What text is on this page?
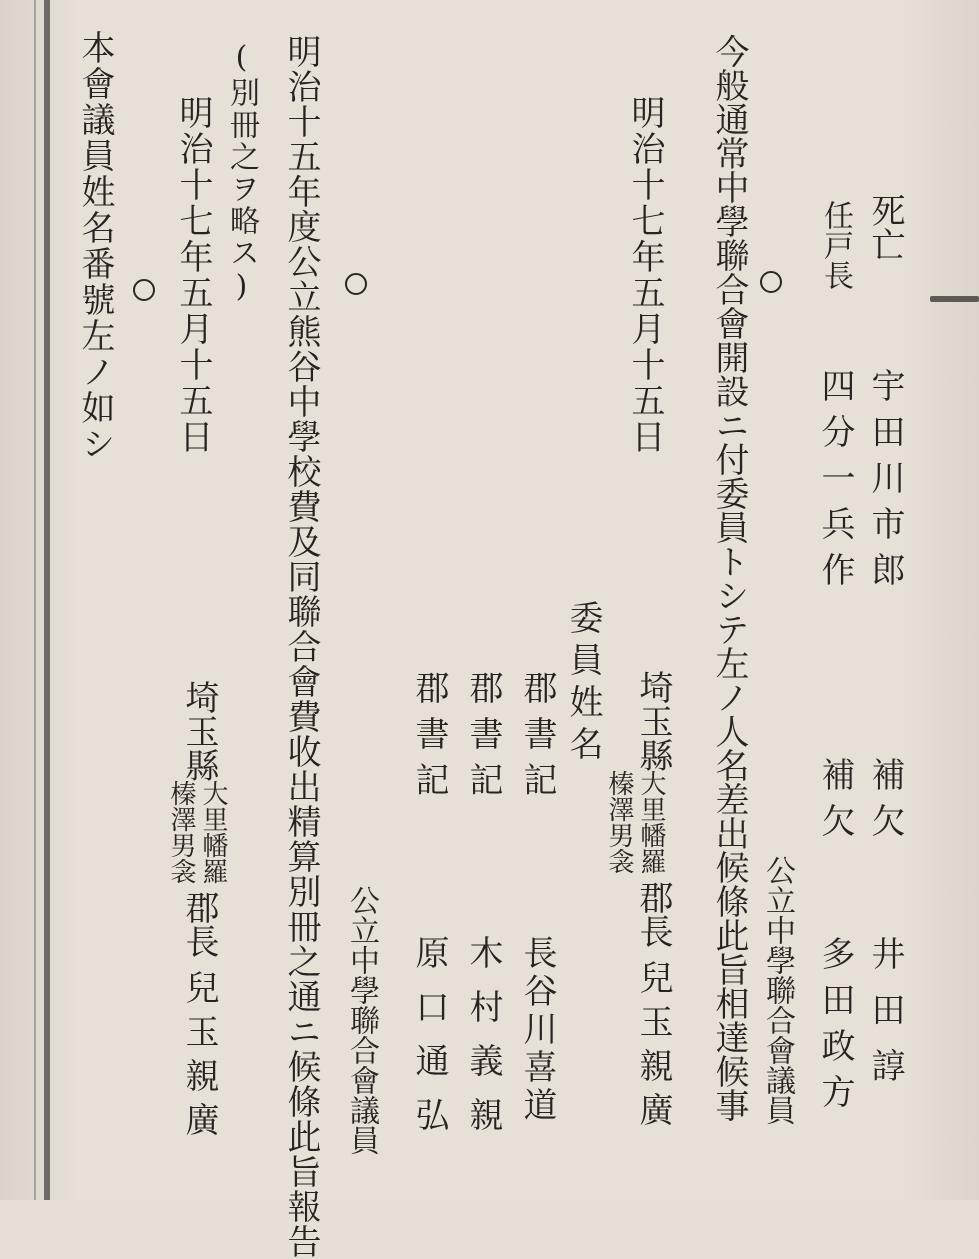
死亡
宇田川市郎
補欠
井田諄
任戸長
四分一兵作
補欠
多田政方
公立中學聯合會議員
今般通常中學聯合會開設ニ付委員トシテ左ノ人名差出候條此旨相達候事
明治十七年五月十五日
埼玉縣
大里幡羅
榛澤男衾
郡長
兒玉親廣
委員姓名
郡書記
長谷川喜道
郡書記
木村義親
郡書記
原口通弘
公立中學聯合會議員
明治十五年度公立熊谷中學校費及同聯合會費收出精算別冊之通ニ候條此旨報告
(別冊之ヲ略ス)
明治十七年五月十五日
埼玉縣
大里幡羅
榛澤男衾
郡長
兒玉親廣
本會議員姓名番號左ノ如シ
